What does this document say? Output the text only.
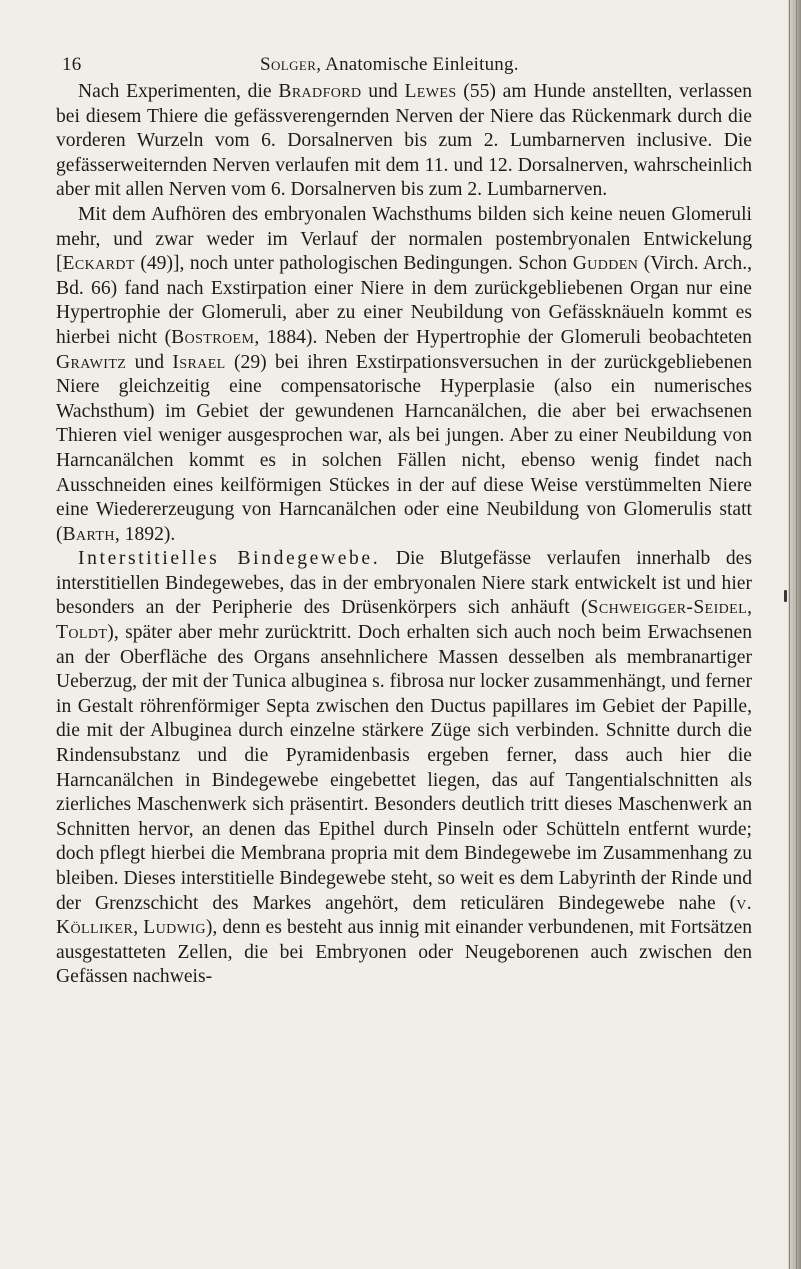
16	Solger, Anatomische Einleitung.

Nach Experimenten, die Bradford und Lewes (55) am Hunde anstellten, verlassen bei diesem Thiere die gefässverengernden Nerven der Niere das Rückenmark durch die vorderen Wurzeln vom 6. Dorsalnerven bis zum 2. Lumbarnerven inclusive. Die gefässerweiternden Nerven verlaufen mit dem 11. und 12. Dorsalnerven, wahrscheinlich aber mit allen Nerven vom 6. Dorsalnerven bis zum 2. Lumbarnerven.

Mit dem Aufhören des embryonalen Wachsthums bilden sich keine neuen Glomeruli mehr, und zwar weder im Verlauf der normalen postembryonalen Entwickelung [Eckardt (49)], noch unter pathologischen Bedingungen. Schon Gudden (Virch. Arch., Bd. 66) fand nach Exstirpation einer Niere in dem zurückgebliebenen Organ nur eine Hypertrophie der Glomeruli, aber zu einer Neubildung von Gefässknäueln kommt es hierbei nicht (Bostroem, 1884). Neben der Hypertrophie der Glomeruli beobachteten Grawitz und Israel (29) bei ihren Exstirpationsversuchen in der zurückgebliebenen Niere gleichzeitig eine compensatorische Hyperplasie (also ein numerisches Wachsthum) im Gebiet der gewundenen Harncanälchen, die aber bei erwachsenen Thieren viel weniger ausgesprochen war, als bei jungen. Aber zu einer Neubildung von Harncanälchen kommt es in solchen Fällen nicht, ebenso wenig findet nach Ausschneiden eines keilförmigen Stückes in der auf diese Weise verstümmelten Niere eine Wiedererzeugung von Harncanälchen oder eine Neubildung von Glomerulis statt (Barth, 1892).

Interstitielles Bindegewebe. Die Blutgefässe verlaufen innerhalb des interstitiellen Bindegewebes, das in der embryonalen Niere stark entwickelt ist und hier besonders an der Peripherie des Drüsenkörpers sich anhäuft (Schweigger-Seidel, Toldt), später aber mehr zurücktritt. Doch erhalten sich auch noch beim Erwachsenen an der Oberfläche des Organs ansehnlichere Massen desselben als membranartiger Ueberzug, der mit der Tunica albuginea s. fibrosa nur locker zusammenhängt, und ferner in Gestalt röhrenförmiger Septa zwischen den Ductus papillares im Gebiet der Papille, die mit der Albuginea durch einzelne stärkere Züge sich verbinden. Schnitte durch die Rindensubstanz und die Pyramidenbasis ergeben ferner, dass auch hier die Harncanälchen in Bindegewebe eingebettet liegen, das auf Tangentialschnitten als zierliches Maschenwerk sich präsentirt. Besonders deutlich tritt dieses Maschenwerk an Schnitten hervor, an denen das Epithel durch Pinseln oder Schütteln entfernt wurde; doch pflegt hierbei die Membrana propria mit dem Bindegewebe im Zusammenhang zu bleiben. Dieses interstitielle Bindegewebe steht, so weit es dem Labyrinth der Rinde und der Grenzschicht des Markes angehört, dem reticulären Bindegewebe nahe (v. Kölliker, Ludwig), denn es besteht aus innig mit einander verbundenen, mit Fortsätzen ausgestatteten Zellen, die bei Embryonen oder Neugeborenen auch zwischen den Gefässen nachweis-
